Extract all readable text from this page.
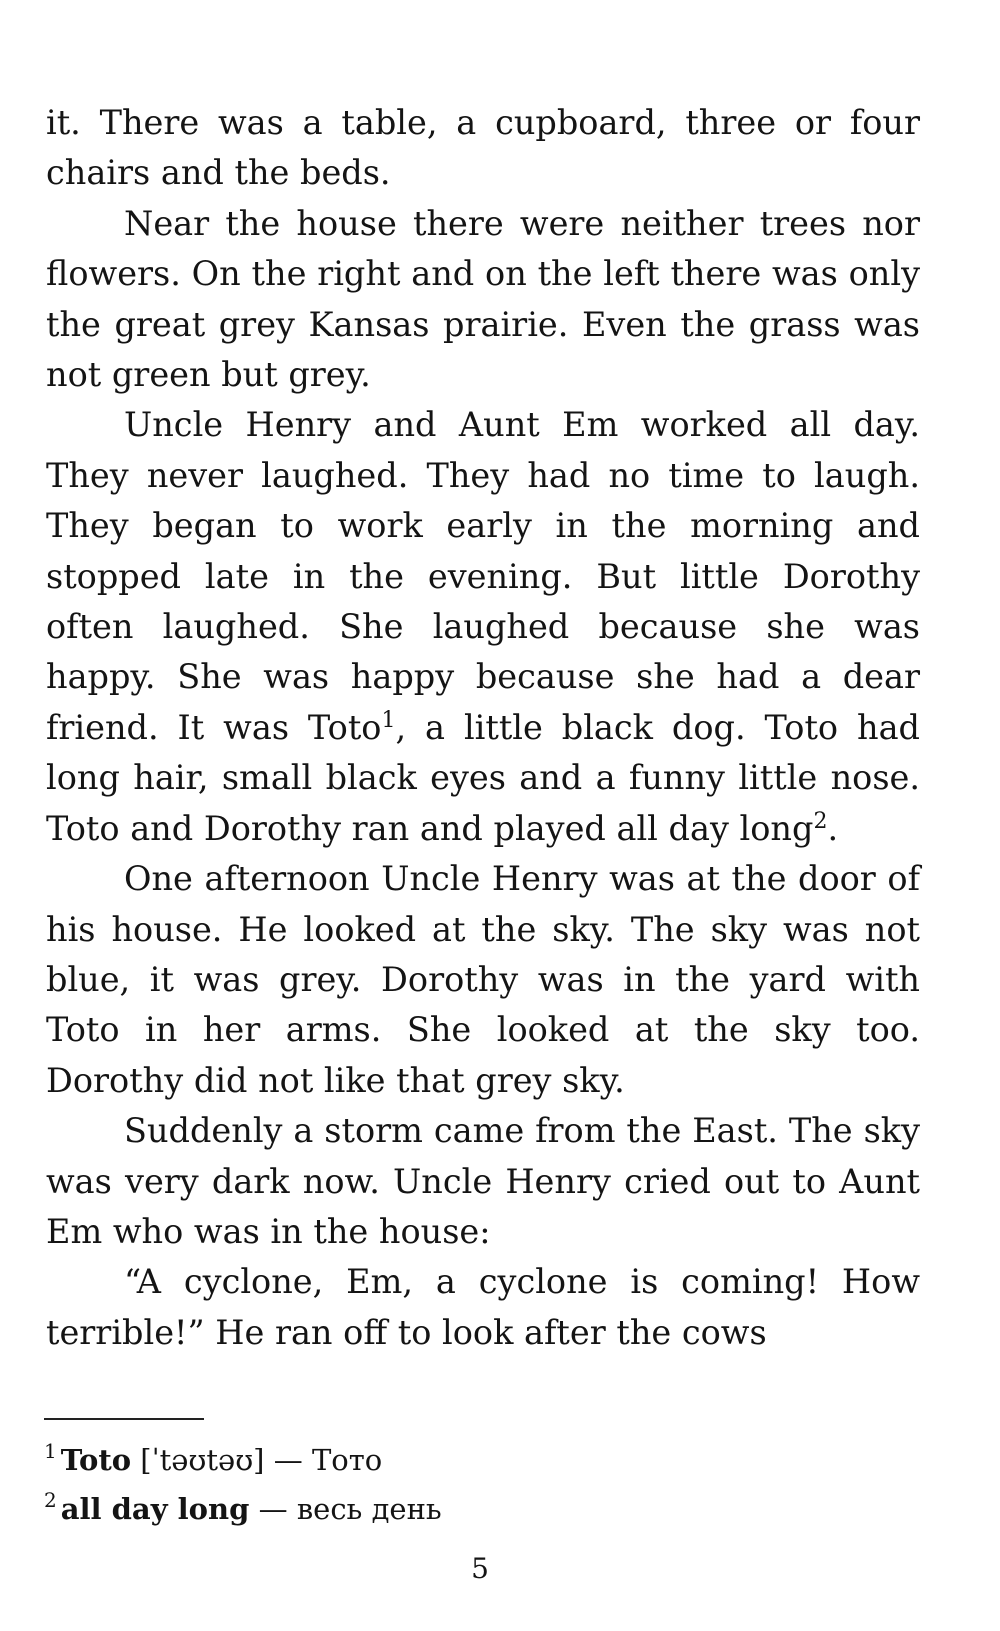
it. There was a table, a cupboard, three or four chairs and the beds.

Near the house there were neither trees nor flowers. On the right and on the left there was only the great grey Kansas prairie. Even the grass was not green but grey.

Uncle Henry and Aunt Em worked all day. They never laughed. They had no time to laugh. They began to work early in the morning and stopped late in the evening. But little Dorothy often laughed. She laughed because she was happy. She was happy because she had a dear friend. It was Toto$^1$, a little black dog. Toto had long hair, small black eyes and a funny little nose. Toto and Dorothy ran and played all day long$^2$.

One afternoon Uncle Henry was at the door of his house. He looked at the sky. The sky was not blue, it was grey. Dorothy was in the yard with Toto in her arms. She looked at the sky too. Dorothy did not like that grey sky.

Suddenly a storm came from the East. The sky was very dark now. Uncle Henry cried out to Aunt Em who was in the house:

“A cyclone, Em, a cyclone is coming! How terrible!” He ran off to look after the cows

$^1$ Toto [ˈtəʊtəʊ] — Тото
$^2$ all day long — весь день
5
